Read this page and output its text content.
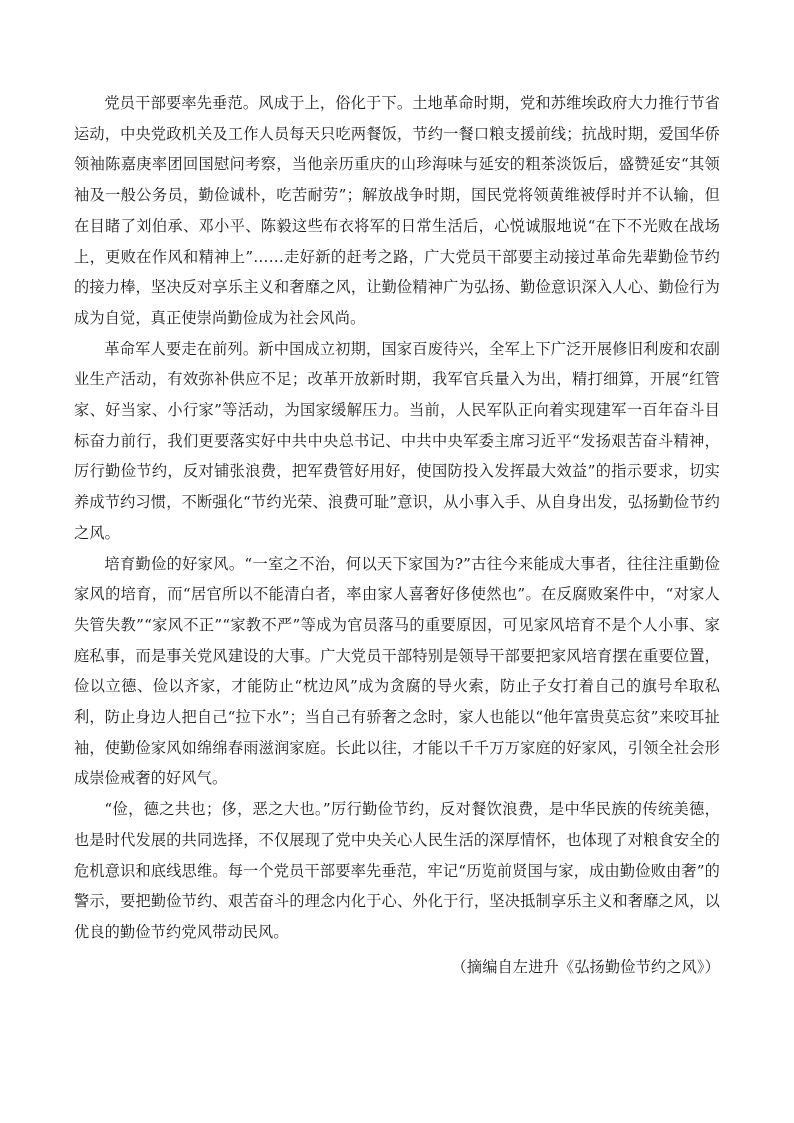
党员干部要率先垂范。风成于上，俗化于下。土地革命时期，党和苏维埃政府大力推行节省运动，中央党政机关及工作人员每天只吃两餐饭，节约一餐口粮支援前线；抗战时期，爱国华侨领袖陈嘉庚率团回国慰问考察，当他亲历重庆的山珍海味与延安的粗茶淡饭后，盛赞延安“其领袖及一般公务员，勤俭诚朴，吃苦耐劳”；解放战争时期，国民党将领黄维被俘时并不认输，但在目睹了刘伯承、邓小平、陈毅这些布衣将军的日常生活后，心悦诚服地说“在下不光败在战场上，更败在作风和精神上”……走好新的赶考之路，广大党员干部要主动接过革命先辈勤俭节约的接力棒，坚决反对享乐主义和奢靡之风，让勤俭精神广为弘扬、勤俭意识深入人心、勤俭行为成为自觉，真正使崇尚勤俭成为社会风尚。

革命军人要走在前列。新中国成立初期，国家百废待兴，全军上下广泛开展修旧利废和农副业生产活动，有效弥补供应不足；改革开放新时期，我军官兵量入为出，精打细算，开展“红管家、好当家、小行家”等活动，为国家缓解压力。当前，人民军队正向着实现建军一百年奋斗目标奋力前行，我们更要落实好中共中央总书记、中共中央军委主席习近平“发扬艰苦奋斗精神，厉行勤俭节约，反对铺张浪费，把军费管好用好，使国防投入发挥最大效益”的指示要求，切实养成节约习惯，不断强化“节约光荣、浪费可耻”意识，从小事入手、从自身出发，弘扬勤俭节约之风。

培育勤俭的好家风。“一室之不治，何以天下家国为?”古往今来能成大事者，往往注重勤俭家风的培育，而“居官所以不能清白者，率由家人喜奢好侈使然也”。在反腐败案件中，“对家人失管失教”“家风不正”“家教不严”等成为官员落马的重要原因，可见家风培育不是个人小事、家庭私事，而是事关党风建设的大事。广大党员干部特别是领导干部要把家风培育摆在重要位置，俭以立德、俭以齐家，才能防止“枕边风”成为贪腐的导火索，防止子女打着自己的旗号牟取私利，防止身边人把自己“拉下水”；当自己有骄奢之念时，家人也能以“他年富贵莫忘贫”来咬耳扯袖，使勤俭家风如绵绵春雨滋润家庭。长此以往，才能以千千万万家庭的好家风，引领全社会形成崇俭戒奢的好风气。

“俭，德之共也；侈，恶之大也。”厉行勤俭节约，反对餐饮浪费，是中华民族的传统美德，也是时代发展的共同选择，不仅展现了党中央关心人民生活的深厚情怀，也体现了对粮食安全的危机意识和底线思维。每一个党员干部要率先垂范，牢记“历览前贤国与家，成由勤俭败由奢”的警示，要把勤俭节约、艰苦奋斗的理念内化于心、外化于行，坚决抵制享乐主义和奢靡之风，以优良的勤俭节约党风带动民风。

（摘编自左进升《弘扬勤俭节约之风》）
